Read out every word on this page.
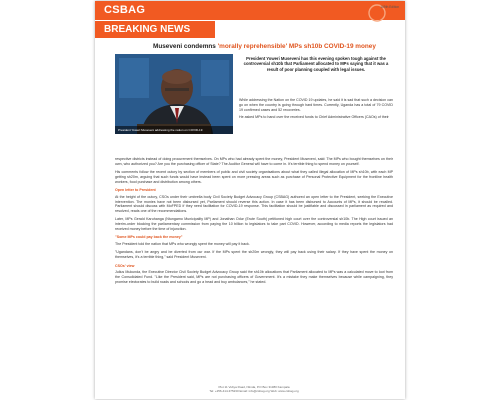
CSBAG	169th Edition
BREAKING NEWS
Museveni condemns 'morally reprehensible' MPs sh10b COVID-19 money
President Yoweri Museveni addressing the nation on COVID-19
President Yoweri Museveni has this evening spoken tough against the controversial sh10b that Parliament allocated to MPs saying that it was a result of poor planning coupled with legal issues.

While addressing the Nation on the COVID 19 updates, he said it is sad that such a decision can go on when the country is going through hard times. Currently, Uganda has a total of 79 COVID 19 confirmed cases and 52 recoveries.

He asked MPs to hand over the received funds to Chief Administrative Officers (CAOs) of their

respective districts instead of doing procurement themselves. On MPs who had already spent the money, President Museveni, said: The MPs who bought themselves on their own, who authorized you? Are you the purchasing officer of State? The Auditor General will have to come in. It's terrible thing to spend money on yourself.

His comments follow the recent outcry by section of members of public and civil society organisations about what they called illegal allocation of MPs sh10b, with each MP getting sh20m, arguing that such funds would have instead been spent on more pressing areas such as purchase of Personal Protective Equipment for the frontline health workers, food purchase and distribution among others.

Open letter to President

At the height of the outcry, CSOs under their umbrella body Civil Society Budget Advocacy Group (CSBAG) authored an open letter to the President, seeking the Executive intervention. The monies have not been disbursed yet, Parliament should reverse this action. In case it has been disbursed to Accounts of MPs, it should be recalled. Parliament should discuss with MoFPED if they need facilitation for COVID-19 response. This facilitation should be justifiable and discussed in parliament as required and resolved, reads one of the recommendations.

Later, MPs Gerald Karuhanga (Ntungamo Municipality MP) and Jonathan Odur (Erute South) petitioned high court over the controversial sh10b. The High court issued an interim-order blocking the parliamentary commission from paying the 10 billion to legislators to take part COVID. However, according to media reports the legislators had received money before the time of injunction.

"Some MPs could pay back the money"

The President told the nation that MPs who wrongly spent the money will pay it back.

"Ugandans, don't be angry and be diverted from our war. If the MPs spent the sh20m wrongly, they will pay back using their salary. If they have spent the money on themselves, it's a terrible thing," said President Museveni.

CSOs' view

Julius Mukunda, the Executive Director Civil Society Budget Advocacy Group said the sh10b allocations that Parliament allocated to MPs was a calculated move to loot from the Consolidated Fund. "Like the President said, MPs are not purchasing officers of Government. It's a mistake they make themselves because while campaigning, they promise electorates to build roads and schools and go a head and buy ambulances," he stated.

Plot 11 Vubya Road, Ntinda, P.O Box 31380 Kampala
Tel: +256-414-375230 Email: info@csbag.org Web: www.csbag.org
